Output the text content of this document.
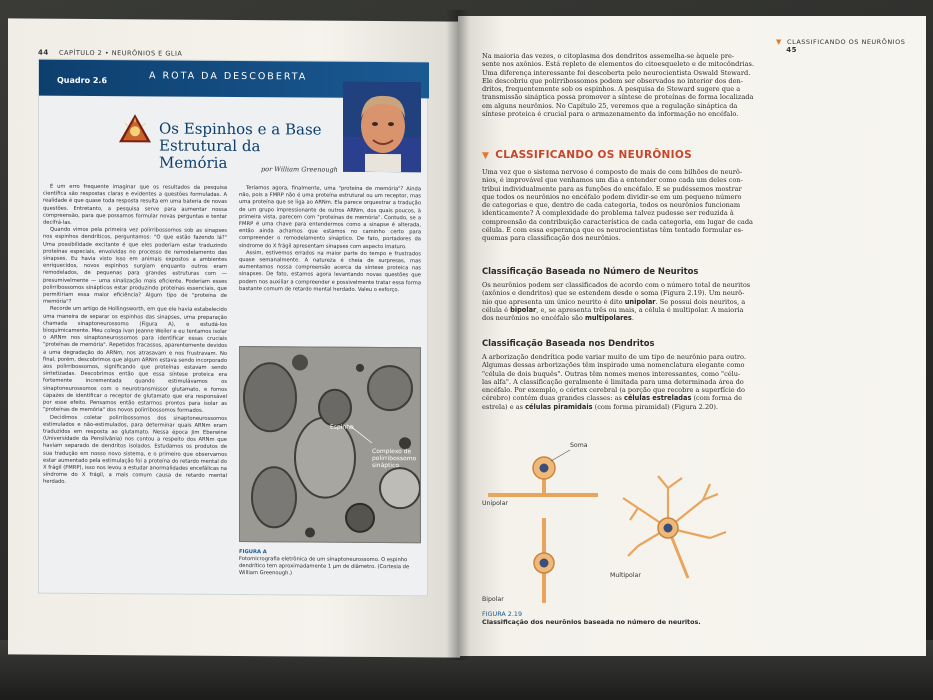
44 CAPÍTULO 2 • NEURÔNIOS E GLIA
Quadro 2.6	A ROTA DA DESCOBERTA
Os Espinhos e a Base Estrutural da Memória	por William Greenough

É um erro frequente imaginar que os resultados da pesquisa científica são respostas claras e evidentes a questões formuladas. A realidade é que quase toda resposta resulta em uma bateria de novas questões. Entretanto, a pesquisa serve para aumentar nossa compreensão, para que possamos formular novas perguntas e tentar decifrá-las.

Quando vimos pela primeira vez polirribossomos sob as sinapses nos espinhos dendríticos, perguntamos: "O que estão fazendo lá?" Uma possibilidade excitante é que eles poderiam estar traduzindo proteínas especiais, envolvidas no processo de remodelamento das sinapses. Eu havia visto isso em animais expostos a ambientes enriquecidos, novos espinhos surgiam enquanto outros eram remodelados, de pequenas para grandes estruturas com — presumivelmente — uma sinalização mais eficiente. Poderiam esses polirribossomos sinápticos estar produzindo proteínas essenciais, que permitiriam essa maior eficiência? Algum tipo de "proteína de memória"?

Recorde um artigo de Hollingsworth, em que ele havia estabelecido uma maneira de separar os espinhos das sinapses, uma preparação chamada sinaptoneurossomo (Figura A), e estudá-los bioquimicamente. Meu colega Ivan Jeanne Weiler e eu tentamos isolar o ARNm nos sinaptoneurossomos para identificar essas cruciais "proteínas de memória". Repetidos fracassos, aparentemente devidos a uma degradação do ARNm, nos atrasavam e nos frustravam. No final, porém, descobrimos que algum ARNm estava sendo incorporado aos polirribossomos, significando que proteínas estavam sendo sintetizadas. Descobrimos então que essa síntese proteica era fortemente incrementada quando estimulávamos os sinaptoneurossomos com o neurotransmissor glutamato, e fomos capazes de identificar o receptor de glutamato que era responsável por esse efeito. Pensamos então estarmos prontos para isolar as "proteínas de memória" dos novos polirribossomos formados.

Decidimos coletar polirribossomos dos sinaptoneurossomos estimulados e não-estimulados, para determinar quais ARNm eram traduzidos em resposta ao glutamato. Nessa época Jim Eberwine (Universidade da Pensilvânia) nos contou a respeito dos ARNm que haviam separado de dendritos isolados. Estudamos os produtos de sua tradução em nosso novo sistema, e o primeiro que observamos estar aumentado pela estimulação foi a proteína do retardo mental do X frágil (FMRP), isso nos levou a estudar anormalidades encefálicas na síndrome do X frágil, a mais comum causa de retardo mental herdado.

Teríamos agora, finalmente, uma "proteína de memória"? Ainda não, pois a FMRP não é uma proteína estrutural ou um receptor, mas uma proteína que se liga ao ARNm. Ela parece orquestrar a tradução de um grupo impressionante de outros ARNm, dos quais poucos, à primeira vista, parecem com "proteínas de memória". Contudo, se a FMRP é uma chave para entendermos como a sinapse é alterada, então ainda achamos que estamos no caminho certo para compreender o remodelamento sináptico. De fato, portadores da síndrome do X frágil apresentam sinapses com aspecto imaturo.

Assim, estivemos errados na maior parte do tempo e frustrados quase semanalmente. A natureza é cheia de surpresas, mas aumentamos nossa compreensão acerca da síntese proteica nas sinapses. De fato, estamos agora levantando novas questões que podem nos auxiliar a compreender e possivelmente tratar essa forma bastante comum de retardo mental herdado. Valeu o esforço.

Espinho
Complexo de polirribossomo sináptico
FIGURA A
Fotomicrografia eletrônica de um sinaptoneurossomo. O espinho dendrítico tem aproximadamente 1 µm de diâmetro. (Cortesia de William Greenough.)
▼ CLASSIFICANDO OS NEURÔNIOS     45
Na maioria das vezes, o citoplasma dos dendritos assemelha-se àquele pre-
sente nos axônios. Está repleto de elementos do citoesqueleto e de mitocôndrias.
Uma diferença interessante foi descoberta pelo neurocientista Oswald Steward.
Ele descobriu que polirribossomos podem ser observados no interior dos den-
dritos, frequentemente sob os espinhos. A pesquisa de Steward sugere que a
transmissão sináptica possa promover a síntese de proteínas de forma localizada
em alguns neurônios. No Capítulo 25, veremos que a regulação sináptica da
síntese proteica é crucial para o armazenamento da informação no encéfalo.
▼ CLASSIFICANDO OS NEURÔNIOS
Uma vez que o sistema nervoso é composto de mais de cem bilhões de neurô-
nios, é improvável que venhamos um dia a entender como cada um deles con-
tribui individualmente para as funções do encéfalo. E se pudéssemos mostrar
que todos os neurônios no encéfalo podem dividir-se em um pequeno número
de categorias e que, dentro de cada categoria, todos os neurônios funcionam
identicamente? A complexidade do problema talvez pudesse ser reduzida à
compreensão da contribuição característica de cada categoria, em lugar de cada
célula. É com essa esperança que os neurocientistas têm tentado formular es-
quemas para classificação dos neurônios.
Classificação Baseada no Número de Neuritos
Os neurônios podem ser classificados de acordo com o número total de neuritos
(axônios e dendritos) que se estendem desde o soma (Figura 2.19). Um neurô-
nio que apresenta um único neurito é dito unipolar. Se possui dois neuritos, a
célula é bipolar, e, se apresenta três ou mais, a célula é multipolar. A maioria
dos neurônios no encéfalo são multipolares.
Classificação Baseada nos Dendritos
A arborização dendrítica pode variar muito de um tipo de neurônio para outro.
Algumas dessas arborizações têm inspirado uma nomenclatura elegante como
"célula de dois buquês". Outras têm nomes menos interessantes, como "célu-
las alfa". A classificação geralmente é limitada para uma determinada área do
encéfalo. Por exemplo, o córtex cerebral (a porção que recobre a superfície do
cérebro) contém duas grandes classes: as células estreladas (com forma de
estrela) e as células piramidais (com forma piramidal) (Figura 2.20).
Soma
Unipolar
Bipolar
Multipolar
FIGURA 2.19
Classificação dos neurônios baseada no número de neuritos.
